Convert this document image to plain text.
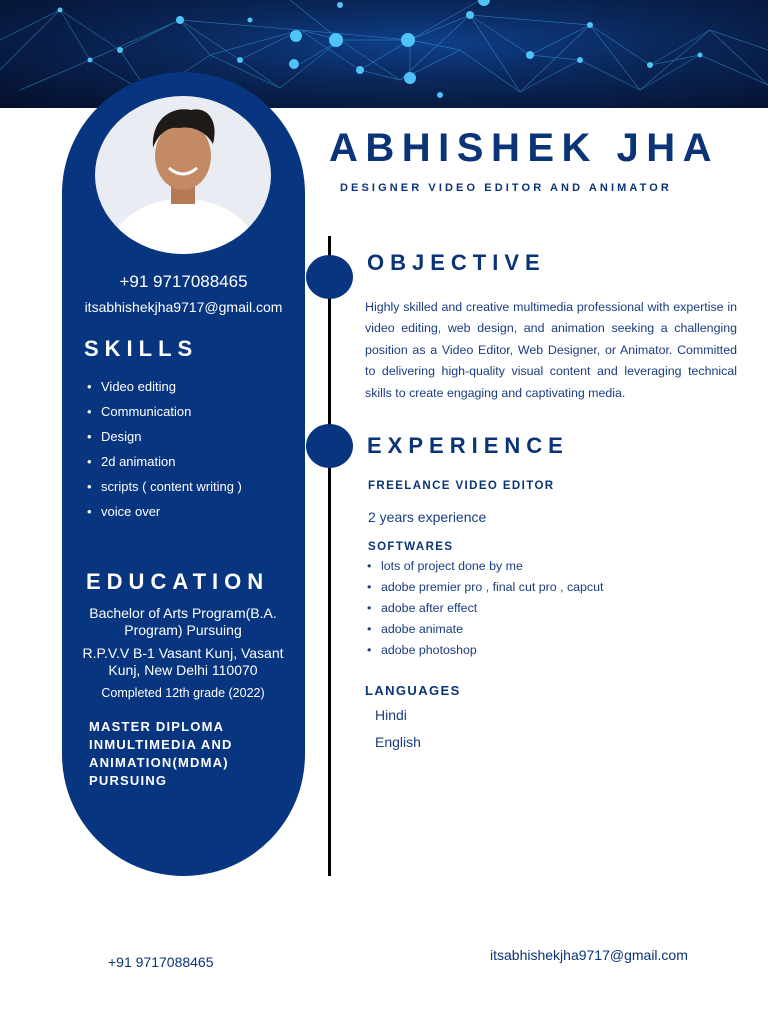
+91 9717088465
itsabhishekjha9717@gmail.com
SKILLS
• Video editing
• Communication
• Design
• 2d animation
• scripts ( content writing )
• voice over
EDUCATION
Bachelor of Arts Program(B.A. Program) Pursuing
R.P.V.V B-1 Vasant Kunj, Vasant Kunj, New Delhi 110070
Completed 12th grade (2022)
MASTER DIPLOMA INMULTIMEDIA AND ANIMATION(MDMA) PURSUING
ABHISHEK JHA
DESIGNER VIDEO EDITOR AND ANIMATOR
OBJECTIVE
Highly skilled and creative multimedia professional with expertise in video editing, web design, and animation seeking a challenging position as a Video Editor, Web Designer, or Animator. Committed to delivering high-quality visual content and leveraging technical skills to create engaging and captivating media.
EXPERIENCE
FREELANCE VIDEO EDITOR
2 years experience
SOFTWARES
• lots of project done by me
• adobe premier pro , final cut pro , capcut
• adobe after effect
• adobe animate
• adobe photoshop
LANGUAGES
Hindi
English
+91 9717088465	itsabhishekjha9717@gmail.com
